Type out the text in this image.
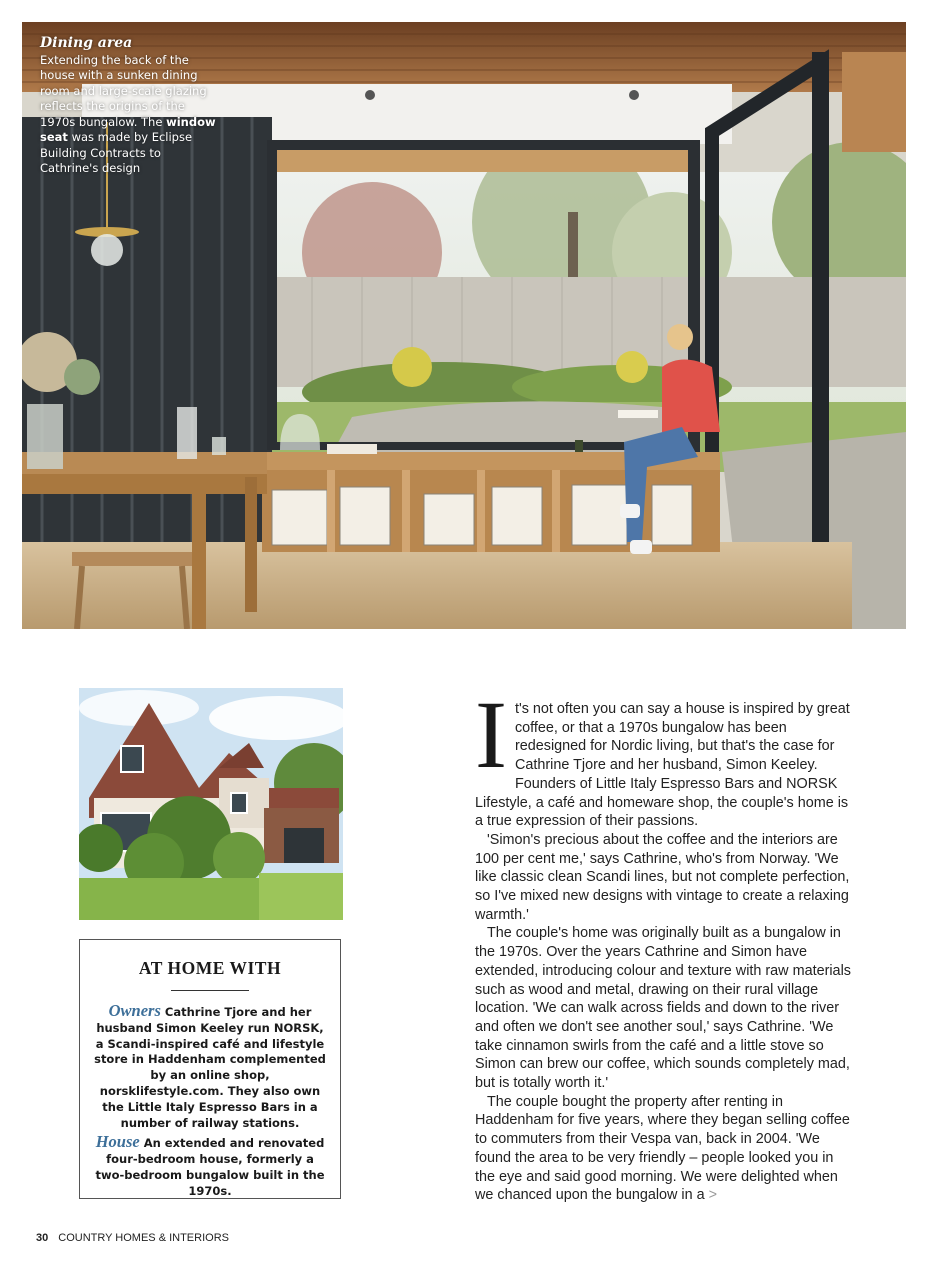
Dining area
Extending the back of the house with a sunken dining room and large-scale glazing reflects the origins of the 1970s bungalow. The window seat was made by Eclipse Building Contracts to Cathrine's design
AT HOME WITH

Owners Cathrine Tjore and her husband Simon Keeley run NORSK, a Scandi-inspired café and lifestyle store in Haddenham complemented by an online shop, norsklifestyle.com. They also own the Little Italy Espresso Bars in a number of railway stations.

House An extended and renovated four-bedroom house, formerly a two-bedroom bungalow built in the 1970s.

It's not often you can say a house is inspired by great coffee, or that a 1970s bungalow has been redesigned for Nordic living, but that's the case for Cathrine Tjore and her husband, Simon Keeley. Founders of Little Italy Espresso Bars and NORSK Lifestyle, a café and homeware shop, the couple's home is a true expression of their passions.

'Simon's precious about the coffee and the interiors are 100 per cent me,' says Cathrine, who's from Norway. 'We like classic clean Scandi lines, but not complete perfection, so I've mixed new designs with vintage to create a relaxing warmth.'

The couple's home was originally built as a bungalow in the 1970s. Over the years Cathrine and Simon have extended, introducing colour and texture with raw materials such as wood and metal, drawing on their rural village location. 'We can walk across fields and down to the river and often we don't see another soul,' says Cathrine. 'We take cinnamon swirls from the café and a little stove so Simon can brew our coffee, which sounds completely mad, but is totally worth it.'

The couple bought the property after renting in Haddenham for five years, where they began selling coffee to commuters from their Vespa van, back in 2004. 'We found the area to be very friendly – people looked you in the eye and said good morning. We were delighted when we chanced upon the bungalow in a >

30 COUNTRY HOMES & INTERIORS
